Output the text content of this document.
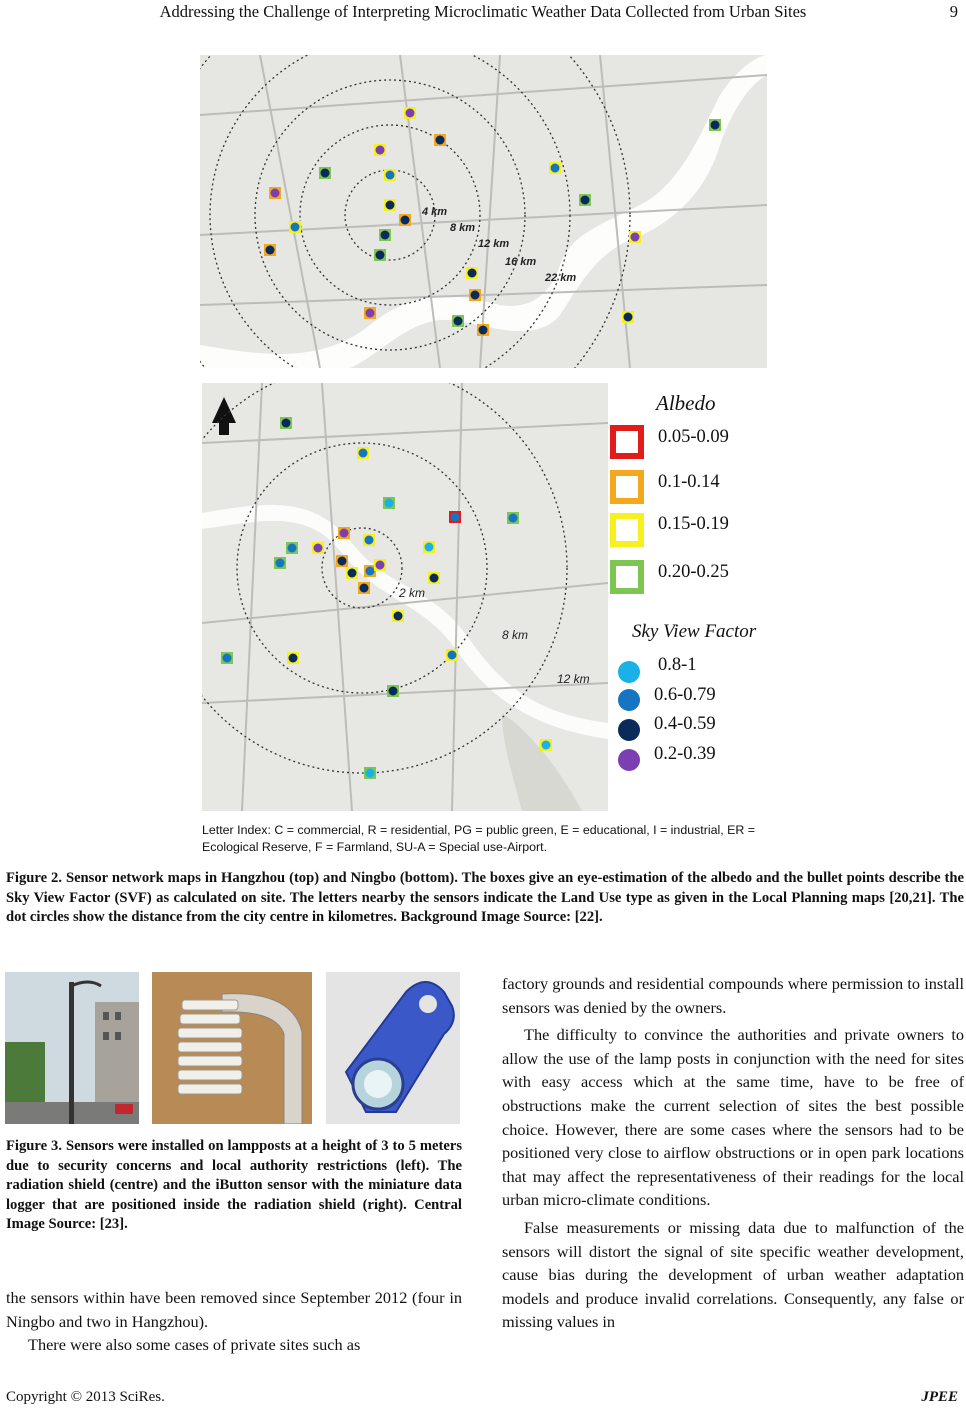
Addressing the Challenge of Interpreting Microclimatic Weather Data Collected from Urban Sites	9
4 km
8 km
12 km
16 km
22 km
2 km
8 km
12 km
Albedo
0.05-0.09
0.1-0.14
0.15-0.19
0.20-0.25
Sky View Factor
0.8-1
0.6-0.79
0.4-0.59
0.2-0.39
Letter Index: C = commercial, R = residential, PG = public green, E = educational, I = industrial, ER = Ecological Reserve, F = Farmland, SU-A = Special use-Airport.
Figure 2. Sensor network maps in Hangzhou (top) and Ningbo (bottom). The boxes give an eye-estimation of the albedo and the bullet points describe the Sky View Factor (SVF) as calculated on site. The letters nearby the sensors indicate the Land Use type as given in the Local Planning maps [20,21]. The dot circles show the distance from the city centre in kilometres. Background Image Source: [22].
Figure 3. Sensors were installed on lampposts at a height of 3 to 5 meters due to security concerns and local authority restrictions (left). The radiation shield (centre) and the iButton sensor with the miniature data logger that are positioned inside the radiation shield (right). Central Image Source: [23].

the sensors within have been removed since September 2012 (four in Ningbo and two in Hangzhou).

There were also some cases of private sites such as

factory grounds and residential compounds where permission to install sensors was denied by the owners.

The difficulty to convince the authorities and private owners to allow the use of the lamp posts in conjunction with the need for sites with easy access which at the same time, have to be free of obstructions make the current selection of sites the best possible choice. However, there are some cases where the sensors had to be positioned very close to airflow obstructions or in open park locations that may affect the representativeness of their readings for the local urban micro-climate conditions.

False measurements or missing data due to malfunction of the sensors will distort the signal of site specific weather development, cause bias during the development of urban weather adaptation models and produce invalid correlations. Consequently, any false or missing values in

Copyright © 2013 SciRes.	JPEE
